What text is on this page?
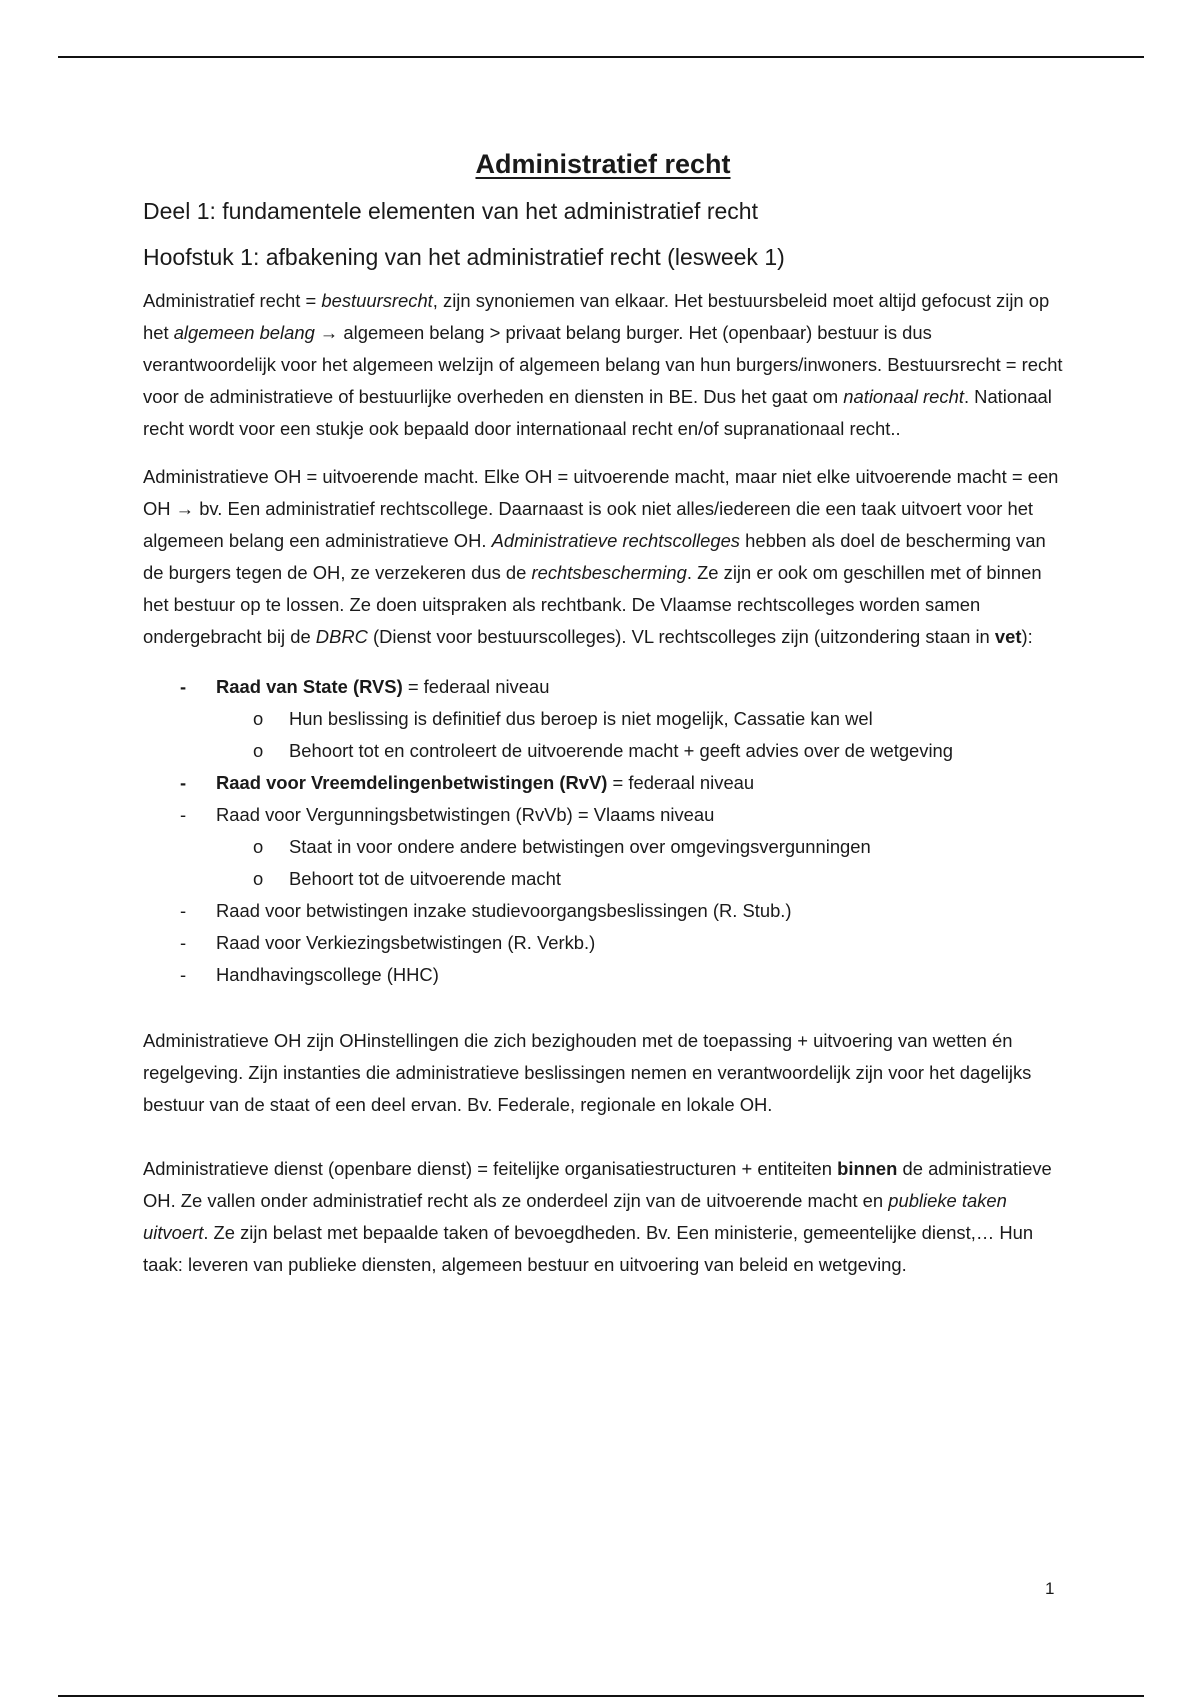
Administratief recht
Deel 1: fundamentele elementen van het administratief recht
Hoofstuk 1: afbakening van het administratief recht (lesweek 1)

Administratief recht = bestuursrecht, zijn synoniemen van elkaar. Het bestuursbeleid moet altijd gefocust zijn op het algemeen belang → algemeen belang > privaat belang burger. Het (openbaar) bestuur is dus verantwoordelijk voor het algemeen welzijn of algemeen belang van hun burgers/inwoners. Bestuursrecht = recht voor de administratieve of bestuurlijke overheden en diensten in BE. Dus het gaat om nationaal recht. Nationaal recht wordt voor een stukje ook bepaald door internationaal recht en/of supranationaal recht..

Administratieve OH = uitvoerende macht. Elke OH = uitvoerende macht, maar niet elke uitvoerende macht = een OH → bv. Een administratief rechtscollege. Daarnaast is ook niet alles/iedereen die een taak uitvoert voor het algemeen belang een administratieve OH. Administratieve rechtscolleges hebben als doel de bescherming van de burgers tegen de OH, ze verzekeren dus de rechtsbescherming. Ze zijn er ook om geschillen met of binnen het bestuur op te lossen. Ze doen uitspraken als rechtbank. De Vlaamse rechtscolleges worden samen ondergebracht bij de DBRC (Dienst voor bestuurscolleges). VL rechtscolleges zijn (uitzondering staan in vet):

- Raad van State (RVS) = federaal niveau
o Hun beslissing is definitief dus beroep is niet mogelijk, Cassatie kan wel
o Behoort tot en controleert de uitvoerende macht + geeft advies over de wetgeving
- Raad voor Vreemdelingenbetwistingen (RvV) = federaal niveau
- Raad voor Vergunningsbetwistingen (RvVb) = Vlaams niveau
o Staat in voor ondere andere betwistingen over omgevingsvergunningen
o Behoort tot de uitvoerende macht
- Raad voor betwistingen inzake studievoorgangsbeslissingen (R. Stub.)
- Raad voor Verkiezingsbetwistingen (R. Verkb.)
- Handhavingscollege (HHC)

Administratieve OH zijn OHinstellingen die zich bezighouden met de toepassing + uitvoering van wetten én regelgeving. Zijn instanties die administratieve beslissingen nemen en verantwoordelijk zijn voor het dagelijks bestuur van de staat of een deel ervan. Bv. Federale, regionale en lokale OH.

Administratieve dienst (openbare dienst) = feitelijke organisatiestructuren + entiteiten binnen de administratieve OH. Ze vallen onder administratief recht als ze onderdeel zijn van de uitvoerende macht en publieke taken uitvoert. Ze zijn belast met bepaalde taken of bevoegdheden. Bv. Een ministerie, gemeentelijke dienst,… Hun taak: leveren van publieke diensten, algemeen bestuur en uitvoering van beleid en wetgeving.

1
